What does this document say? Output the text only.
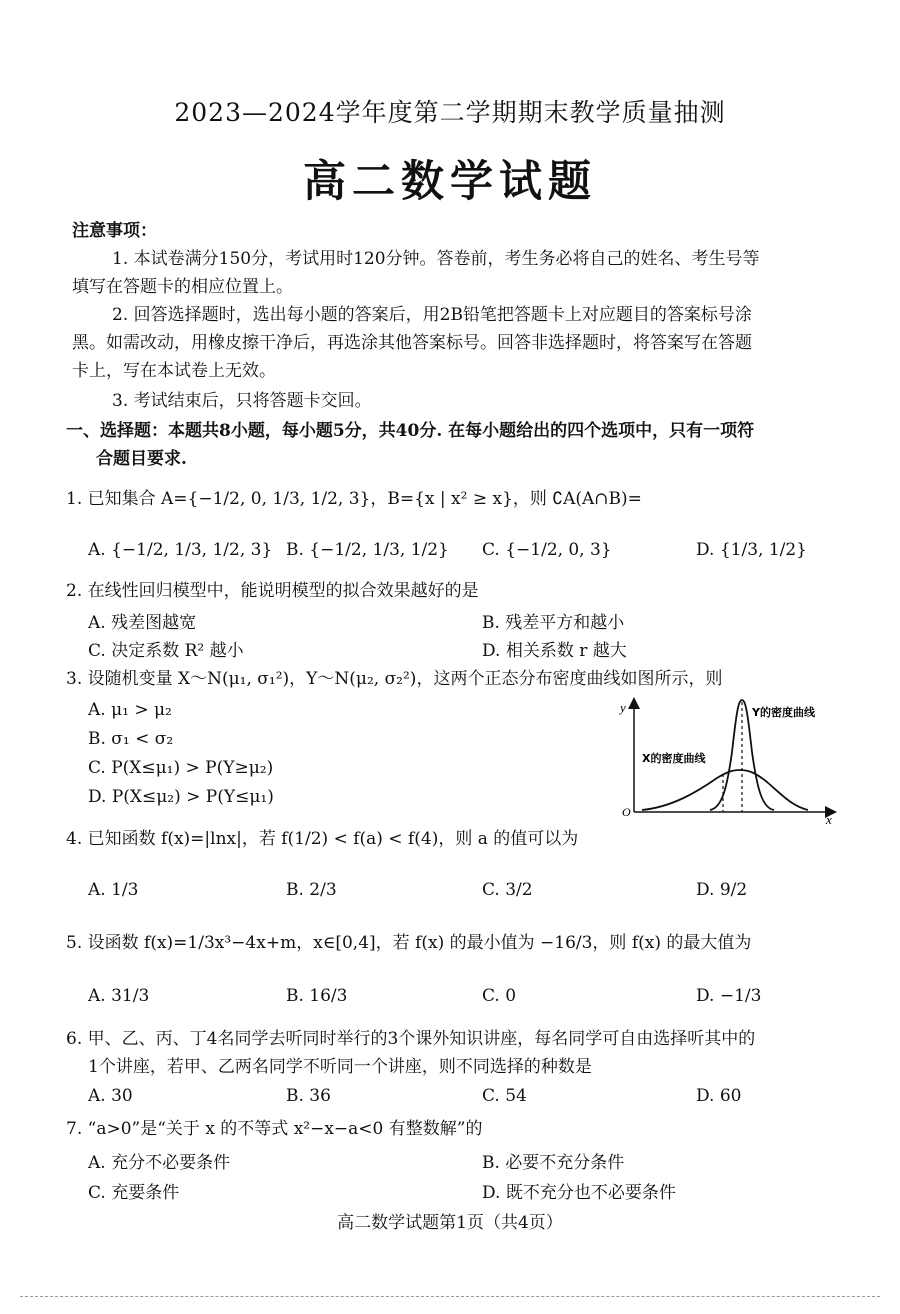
2023—2024学年度第二学期期末教学质量抽测
高二数学试题
注意事项：
1. 本试卷满分150分，考试用时120分钟。答卷前，考生务必将自己的姓名、考生号等
填写在答题卡的相应位置上。
2. 回答选择题时，选出每小题的答案后，用2B铅笔把答题卡上对应题目的答案标号涂
黑。如需改动，用橡皮擦干净后，再选涂其他答案标号。回答非选择题时，将答案写在答题
卡上，写在本试卷上无效。
3. 考试结束后，只将答题卡交回。
一、选择题：本题共8小题，每小题5分，共40分. 在每小题给出的四个选项中，只有一项符
合题目要求.
1. 已知集合 A={−1/2, 0, 1/3, 1/2, 3}，B={x | x² ≥ x}，则 ∁A(A∩B)=
A. {−1/2, 1/3, 1/2, 3} B. {−1/2, 1/3, 1/2} C. {−1/2, 0, 3}	D. {1/3, 1/2}
2. 在线性回归模型中，能说明模型的拟合效果越好的是
A. 残差图越宽	B. 残差平方和越小
C. 决定系数 R² 越小	D. 相关系数 r 越大
3. 设随机变量 X～N(μ₁, σ₁²)，Y～N(μ₂, σ₂²)，这两个正态分布密度曲线如图所示，则
A. μ₁ > μ₂
B. σ₁ < σ₂
C. P(X≤μ₁) > P(Y≥μ₂)
D. P(X≤μ₂) > P(Y≤μ₁)
y
x
O
Y的密度曲线
X的密度曲线
4. 已知函数 f(x)=|lnx|，若 f(1/2) < f(a) < f(4)，则 a 的值可以为
A. 1/3	B. 2/3	C. 3/2	D. 9/2
5. 设函数 f(x)=1/3x³−4x+m，x∈[0,4]，若 f(x) 的最小值为 −16/3，则 f(x) 的最大值为
A. 31/3	B. 16/3	C. 0	D. −1/3
6. 甲、乙、丙、丁4名同学去听同时举行的3个课外知识讲座，每名同学可自由选择听其中的
1个讲座，若甲、乙两名同学不听同一个讲座，则不同选择的种数是
A. 30	B. 36	C. 54	D. 60
7. “a>0”是“关于 x 的不等式 x²−x−a<0 有整数解”的
A. 充分不必要条件	B. 必要不充分条件
C. 充要条件	D. 既不充分也不必要条件
高二数学试题第1页（共4页）
